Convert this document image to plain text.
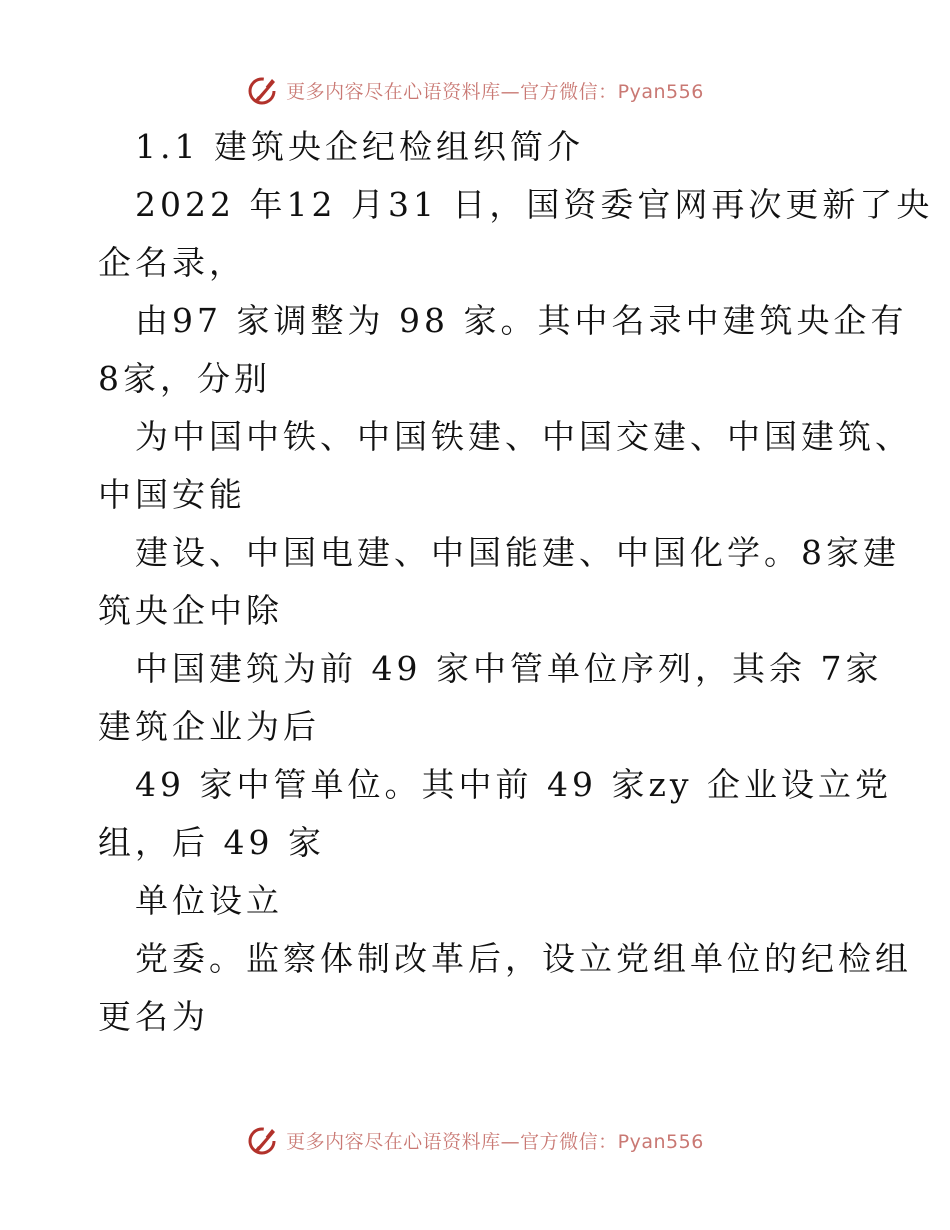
更多内容尽在心语资料库—官方微信：Pyan556
1.1 建筑央企纪检组织简介
2022 年12 月31 日，国资委官网再次更新了央
企名录，
由97 家调整为 98 家。其中名录中建筑央企有
8家，分别
为中国中铁、中国铁建、中国交建、中国建筑、
中国安能
建设、中国电建、中国能建、中国化学。8家建
筑央企中除
中国建筑为前 49 家中管单位序列，其余 7家
建筑企业为后
49 家中管单位。其中前 49 家zy 企业设立党
组，后 49 家
单位设立
党委。监察体制改革后，设立党组单位的纪检组
更名为
更多内容尽在心语资料库—官方微信：Pyan556
